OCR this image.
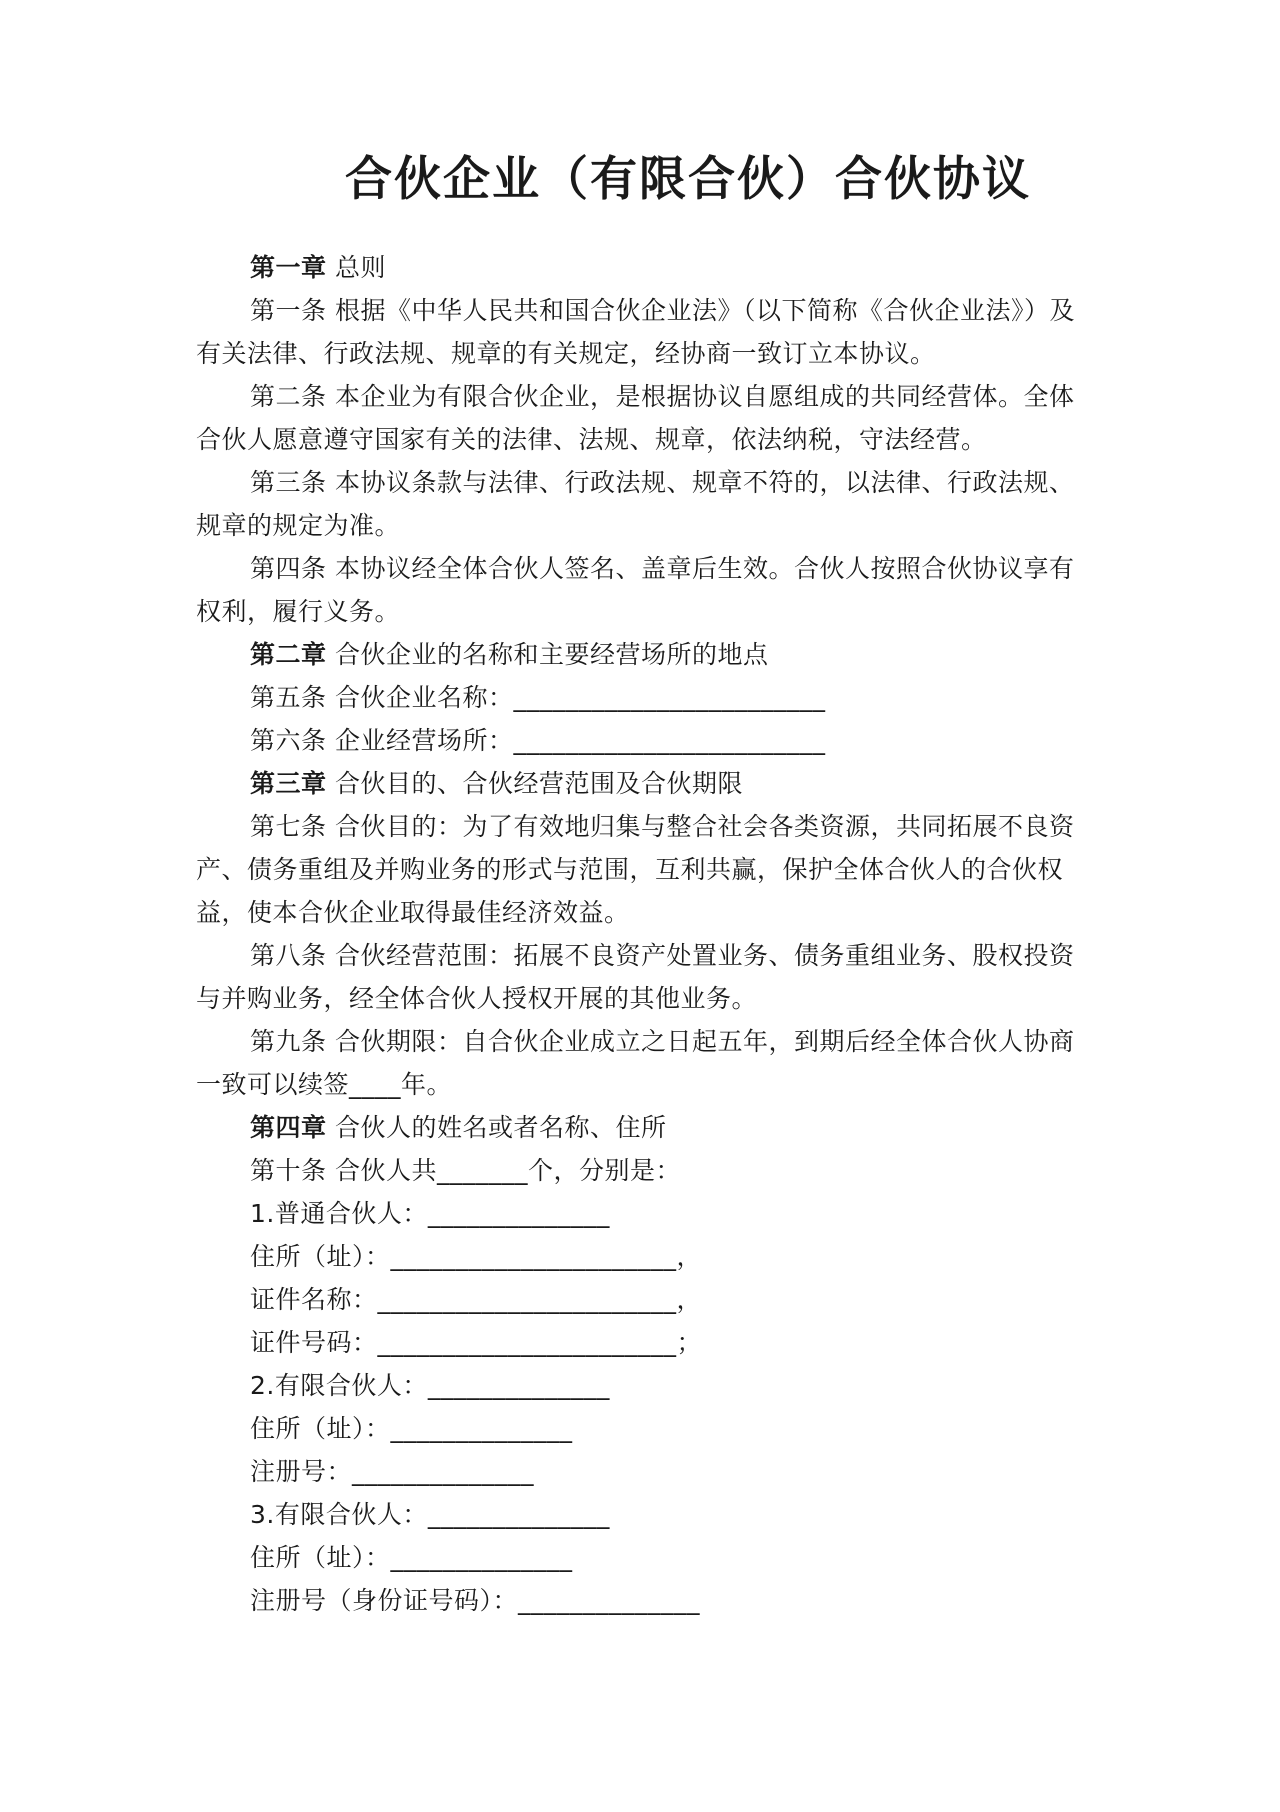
合伙企业（有限合伙）合伙协议

第一章 总则

第一条 根据《中华人民共和国合伙企业法》（以下简称《合伙企业法》）及有关法律、行政法规、规章的有关规定，经协商一致订立本协议。

第二条 本企业为有限合伙企业，是根据协议自愿组成的共同经营体。全体合伙人愿意遵守国家有关的法律、法规、规章，依法纳税，守法经营。

第三条 本协议条款与法律、行政法规、规章不符的，以法律、行政法规、规章的规定为准。

第四条 本协议经全体合伙人签名、盖章后生效。合伙人按照合伙协议享有权利，履行义务。

第二章 合伙企业的名称和主要经营场所的地点

第五条 合伙企业名称：________________________

第六条 企业经营场所：________________________

第三章 合伙目的、合伙经营范围及合伙期限

第七条 合伙目的：为了有效地归集与整合社会各类资源，共同拓展不良资产、债务重组及并购业务的形式与范围，互利共赢，保护全体合伙人的合伙权益，使本合伙企业取得最佳经济效益。

第八条 合伙经营范围：拓展不良资产处置业务、债务重组业务、股权投资与并购业务，经全体合伙人授权开展的其他业务。

第九条 合伙期限：自合伙企业成立之日起五年，到期后经全体合伙人协商一致可以续签____年。

第四章 合伙人的姓名或者名称、住所

第十条 合伙人共_______个，分别是：

1.普通合伙人：______________

住所（址）：______________________，

证件名称：_______________________，

证件号码：_______________________；

2.有限合伙人：______________

住所（址）：______________

注册号：______________

3.有限合伙人：______________

住所（址）：______________

注册号（身份证号码）：______________
